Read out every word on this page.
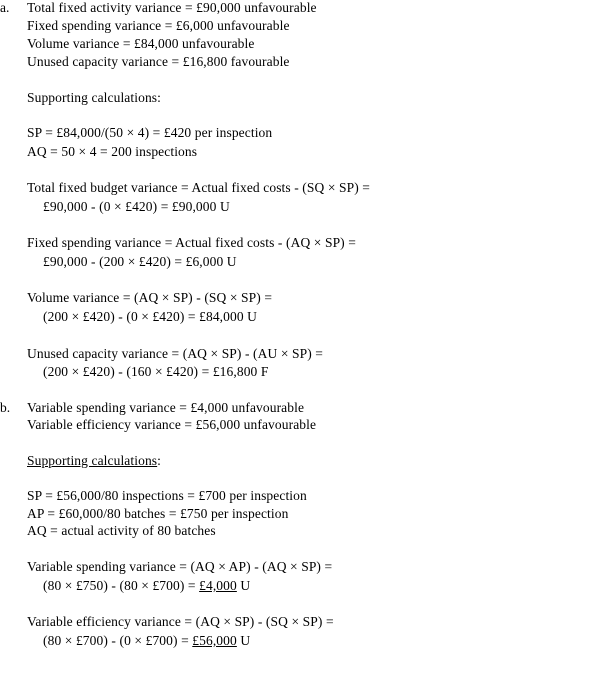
a. Total fixed activity variance = £90,000 unfavourable
Fixed spending variance = £6,000 unfavourable
Volume variance = £84,000 unfavourable
Unused capacity variance = £16,800 favourable
Supporting calculations:
SP = £84,000/(50 × 4) = £420 per inspection
AQ = 50 × 4 = 200 inspections
Total fixed budget variance = Actual fixed costs - (SQ × SP) =
£90,000 - (0 × £420) = £90,000 U
Fixed spending variance = Actual fixed costs - (AQ × SP) =
£90,000 - (200 × £420) = £6,000 U
Volume variance = (AQ × SP) - (SQ × SP) =
(200 × £420) - (0 × £420) = £84,000 U
Unused capacity variance = (AQ × SP) - (AU × SP) =
(200 × £420) - (160 × £420) = £16,800 F
b. Variable spending variance = £4,000 unfavourable
Variable efficiency variance = £56,000 unfavourable
Supporting calculations:
SP = £56,000/80 inspections = £700 per inspection
AP = £60,000/80 batches = £750 per inspection
AQ = actual activity of 80 batches
Variable spending variance = (AQ × AP) - (AQ × SP) =
(80 × £750) - (80 × £700) = £4,000 U
Variable efficiency variance = (AQ × SP) - (SQ × SP) =
(80 × £700) - (0 × £700) = £56,000 U
